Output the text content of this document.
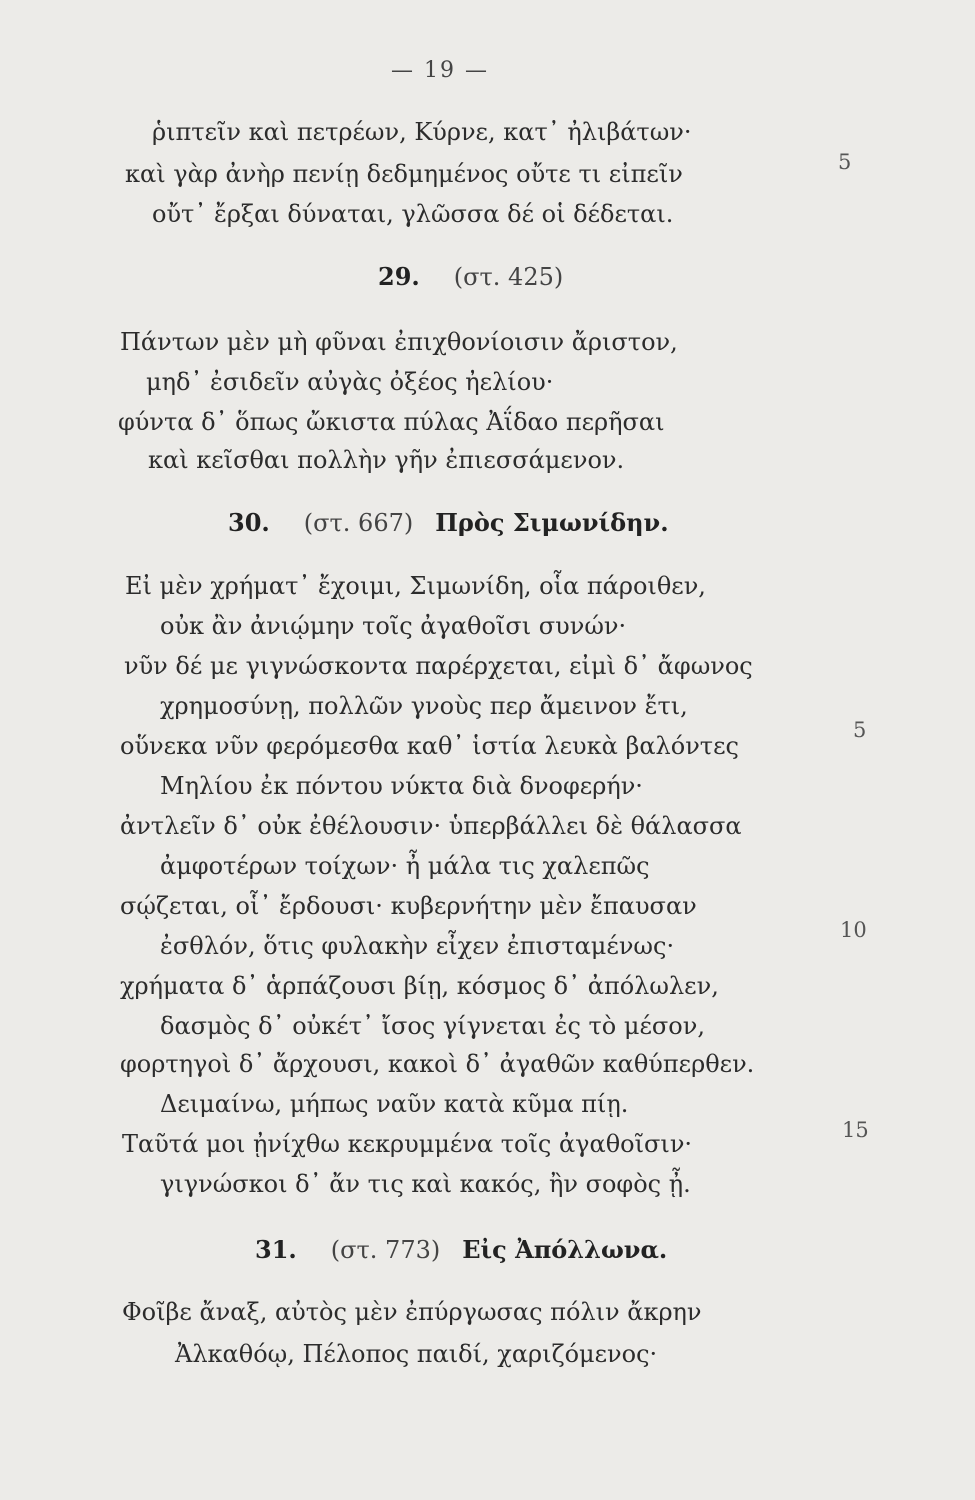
— 19 —
ῥιπτεῖν καὶ πετρέων, Κύρνε, κατ᾽ ἠλιβάτων·
καὶ γὰρ ἀνὴρ πενίῃ δεδμημένος οὔτε τι εἰπεῖν
οὔτ᾽ ἔρξαι δύναται, γλῶσσα δέ οἱ δέδεται.
5
29. (στ. 425)
Πάντων μὲν μὴ φῦναι ἐπιχθονίοισιν ἄριστον,
μηδ᾽ ἐσιδεῖν αὐγὰς ὀξέος ἠελίου·
φύντα δ᾽ ὅπως ὤκιστα πύλας Ἀΐδαο περῆσαι
καὶ κεῖσθαι πολλὴν γῆν ἐπιεσσάμενον.
30. (στ. 667) Πρὸς Σιμωνίδην.
Εἰ μὲν χρήματ᾽ ἔχοιμι, Σιμωνίδη, οἷα πάροιθεν,
οὐκ ἂν ἀνιῴμην τοῖς ἀγαθοῖσι συνών·
νῦν δέ με γιγνώσκοντα παρέρχεται, εἰμὶ δ᾽ ἄφωνος
χρημοσύνῃ, πολλῶν γνοὺς περ ἄμεινον ἔτι,
οὕνεκα νῦν φερόμεσθα καθ᾽ ἱστία λευκὰ βαλόντες
Μηλίου ἐκ πόντου νύκτα διὰ δνοφερήν·
ἀντλεῖν δ᾽ οὐκ ἐθέλουσιν· ὑπερβάλλει δὲ θάλασσα
ἀμφοτέρων τοίχων· ἦ μάλα τις χαλεπῶς
σῴζεται, οἷ᾽ ἔρδουσι· κυβερνήτην μὲν ἔπαυσαν
ἐσθλόν, ὅτις φυλακὴν εἶχεν ἐπισταμένως·
χρήματα δ᾽ ἁρπάζουσι βίῃ, κόσμος δ᾽ ἀπόλωλεν,
δασμὸς δ᾽ οὐκέτ᾽ ἴσος γίγνεται ἐς τὸ μέσον,
φορτηγοὶ δ᾽ ἄρχουσι, κακοὶ δ᾽ ἀγαθῶν καθύπερθεν.
Δειμαίνω, μήπως ναῦν κατὰ κῦμα πίῃ.
Ταῦτά μοι ᾐνίχθω κεκρυμμένα τοῖς ἀγαθοῖσιν·
γιγνώσκοι δ᾽ ἄν τις καὶ κακός, ἢν σοφὸς ᾖ.
5
10
15
31. (στ. 773) Εἰς Ἀπόλλωνα.
Φοῖβε ἄναξ, αὐτὸς μὲν ἐπύργωσας πόλιν ἄκρην
Ἀλκαθόῳ, Πέλοπος παιδί, χαριζόμενος·
